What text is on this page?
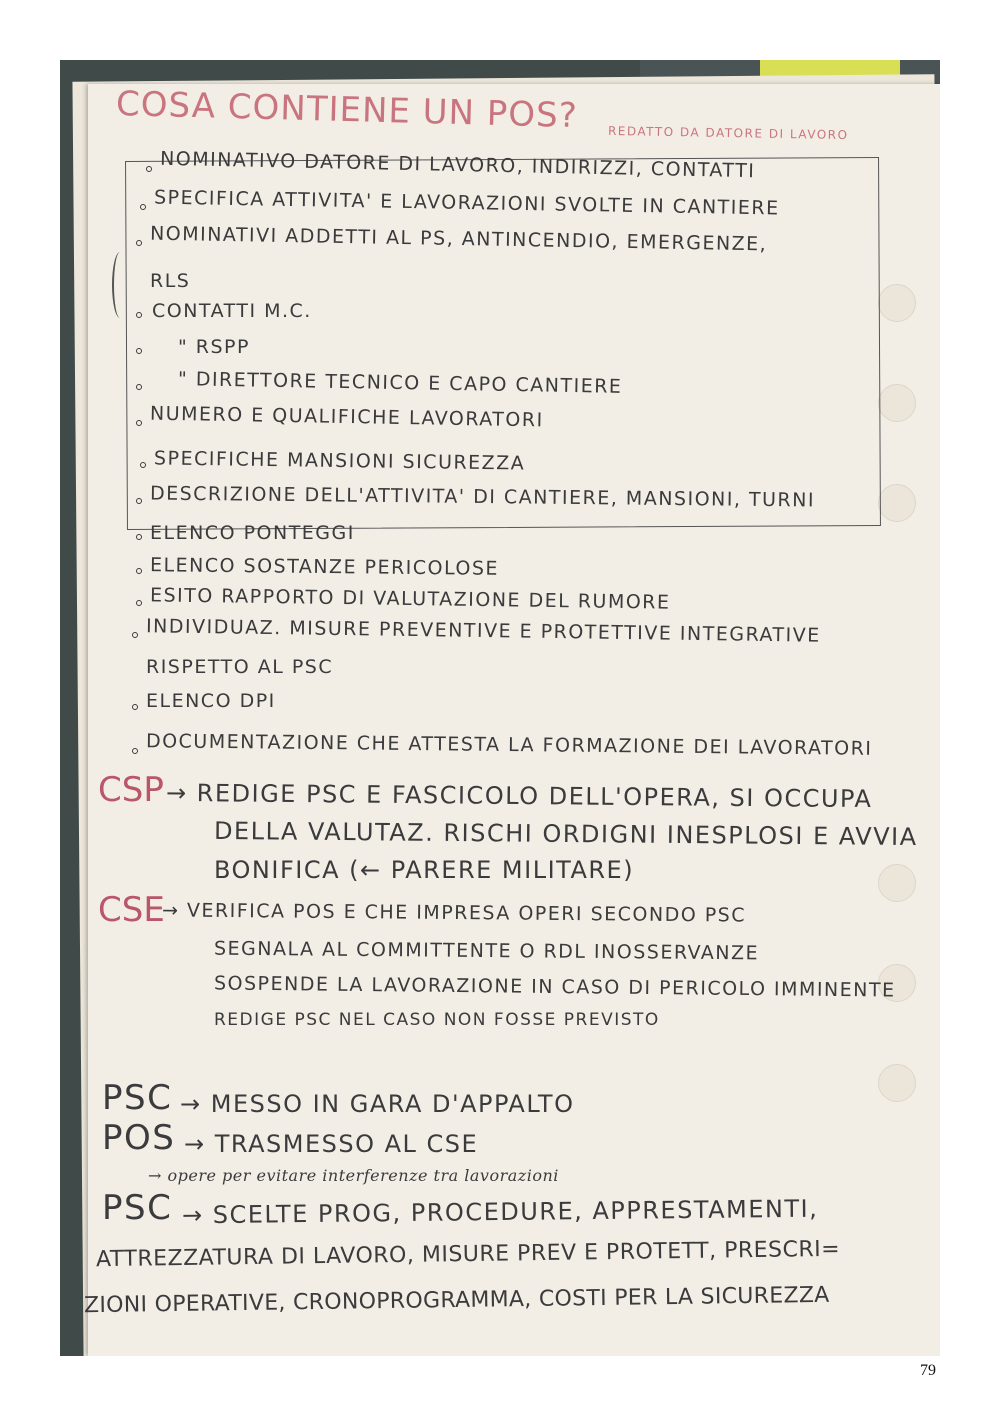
COSA CONTIENE UN POS? REDATTO DA DATORE DI LAVORO

NOMINATIVO DATORE DI LAVORO, INDIRIZZI, CONTATTI

SPECIFICA ATTIVITA' E LAVORAZIONI SVOLTE IN CANTIERE

NOMINATIVI ADDETTI AL PS, ANTINCENDIO, EMERGENZE,

RLS

CONTATTI M.C.

" RSPP

" DIRETTORE TECNICO E CAPO CANTIERE

NUMERO E QUALIFICHE LAVORATORI

SPECIFICHE MANSIONI SICUREZZA

DESCRIZIONE DELL'ATTIVITA' DI CANTIERE, MANSIONI, TURNI

ELENCO PONTEGGI

ELENCO SOSTANZE PERICOLOSE

ESITO RAPPORTO DI VALUTAZIONE DEL RUMORE

INDIVIDUAZ. MISURE PREVENTIVE E PROTETTIVE INTEGRATIVE

RISPETTO AL PSC

ELENCO DPI

DOCUMENTAZIONE CHE ATTESTA LA FORMAZIONE DEI LAVORATORI

CSP → REDIGE PSC E FASCICOLO DELL'OPERA, SI OCCUPA

DELLA VALUTAZ. RISCHI ORDIGNI INESPLOSI E AVVIA

BONIFICA (← PARERE MILITARE)

CSE

→ VERIFICA POS E CHE IMPRESA OPERI SECONDO PSC

SEGNALA AL COMMITTENTE O RDL INOSSERVANZE

SOSPENDE LA LAVORAZIONE IN CASO DI PERICOLO IMMINENTE

REDIGE PSC NEL CASO NON FOSSE PREVISTO

PSC → MESSO IN GARA D'APPALTO

POS → TRASMESSO AL CSE

→ opere per evitare interferenze tra lavorazioni

PSC → SCELTE PROG, PROCEDURE, APPRESTAMENTI,

ATTREZZATURA DI LAVORO, MISURE PREV E PROTETT, PRESCRI=

ZIONI OPERATIVE, CRONOPROGRAMMA, COSTI PER LA SICUREZZA

79
